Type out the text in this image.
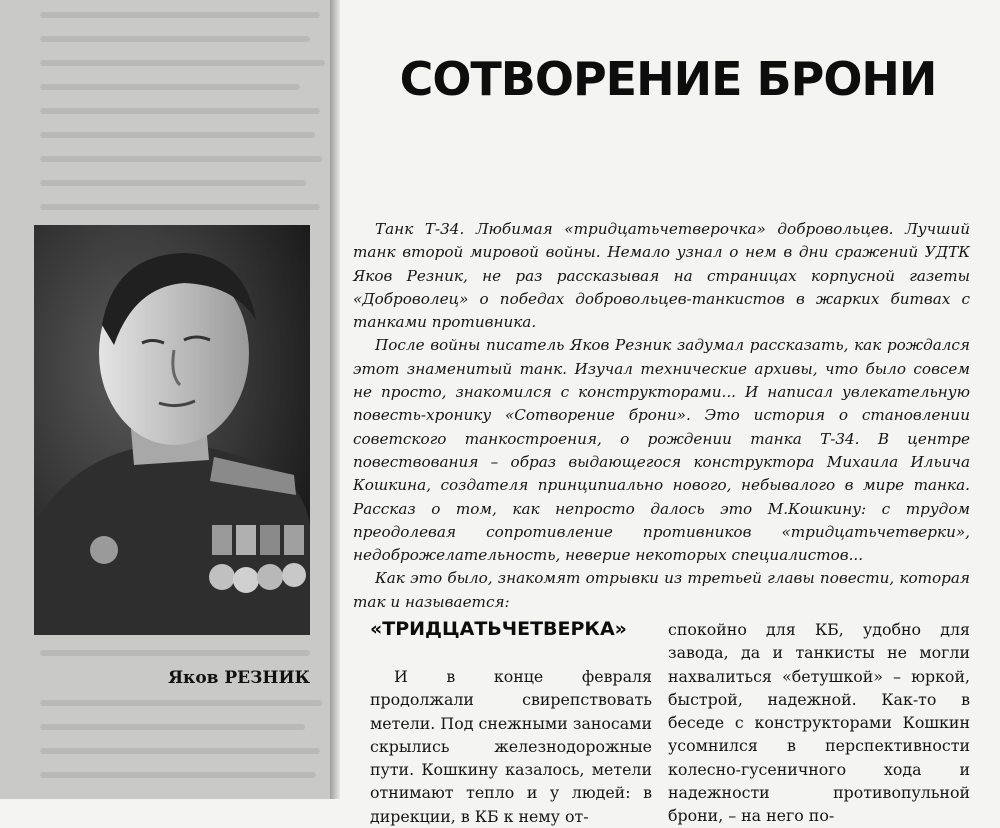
Яков РЕЗНИК
СОТВОРЕНИЕ БРОНИ

Танк Т-34. Любимая «тридцатьчетверочка» добровольцев. Лучший танк второй мировой войны. Немало узнал о нем в дни сражений УДТК Яков Резник, не раз рассказывая на страницах корпусной газеты «Доброволец» о победах добровольцев-танкистов в жарких битвах с танками противника.

После войны писатель Яков Резник задумал рассказать, как рождался этот знаменитый танк. Изучал технические архивы, что было совсем не просто, знакомился с конструкторами... И написал увлекательную повесть-хронику «Сотворение брони». Это история о становлении советского танкостроения, о рождении танка Т-34. В центре повествования – образ выдающегося конструктора Михаила Ильича Кошкина, создателя принципиально нового, небывалого в мире танка. Рассказ о том, как непросто далось это М.Кошкину: с трудом преодолевая сопротивление противников «тридцатьчетверки», недоброжелательность, неверие некоторых специалистов...

Как это было, знакомят отрывки из третьей главы повести, которая так и называется:

«ТРИДЦАТЬЧЕТВЕРКА»

И в конце февраля продолжали свирепствовать метели. Под снежными заносами скрылись железнодорожные пути. Кошкину казалось, метели отнимают тепло и у людей: в дирекции, в КБ к нему от-

спокойно для КБ, удобно для завода, да и танкисты не могли нахвалиться «бетушкой» – юркой, быстрой, надежной. Как-то в беседе с конструкторами Кошкин усомнился в перспективности колесно-гусеничного хода и надежности противопульной брони, – на него по-
